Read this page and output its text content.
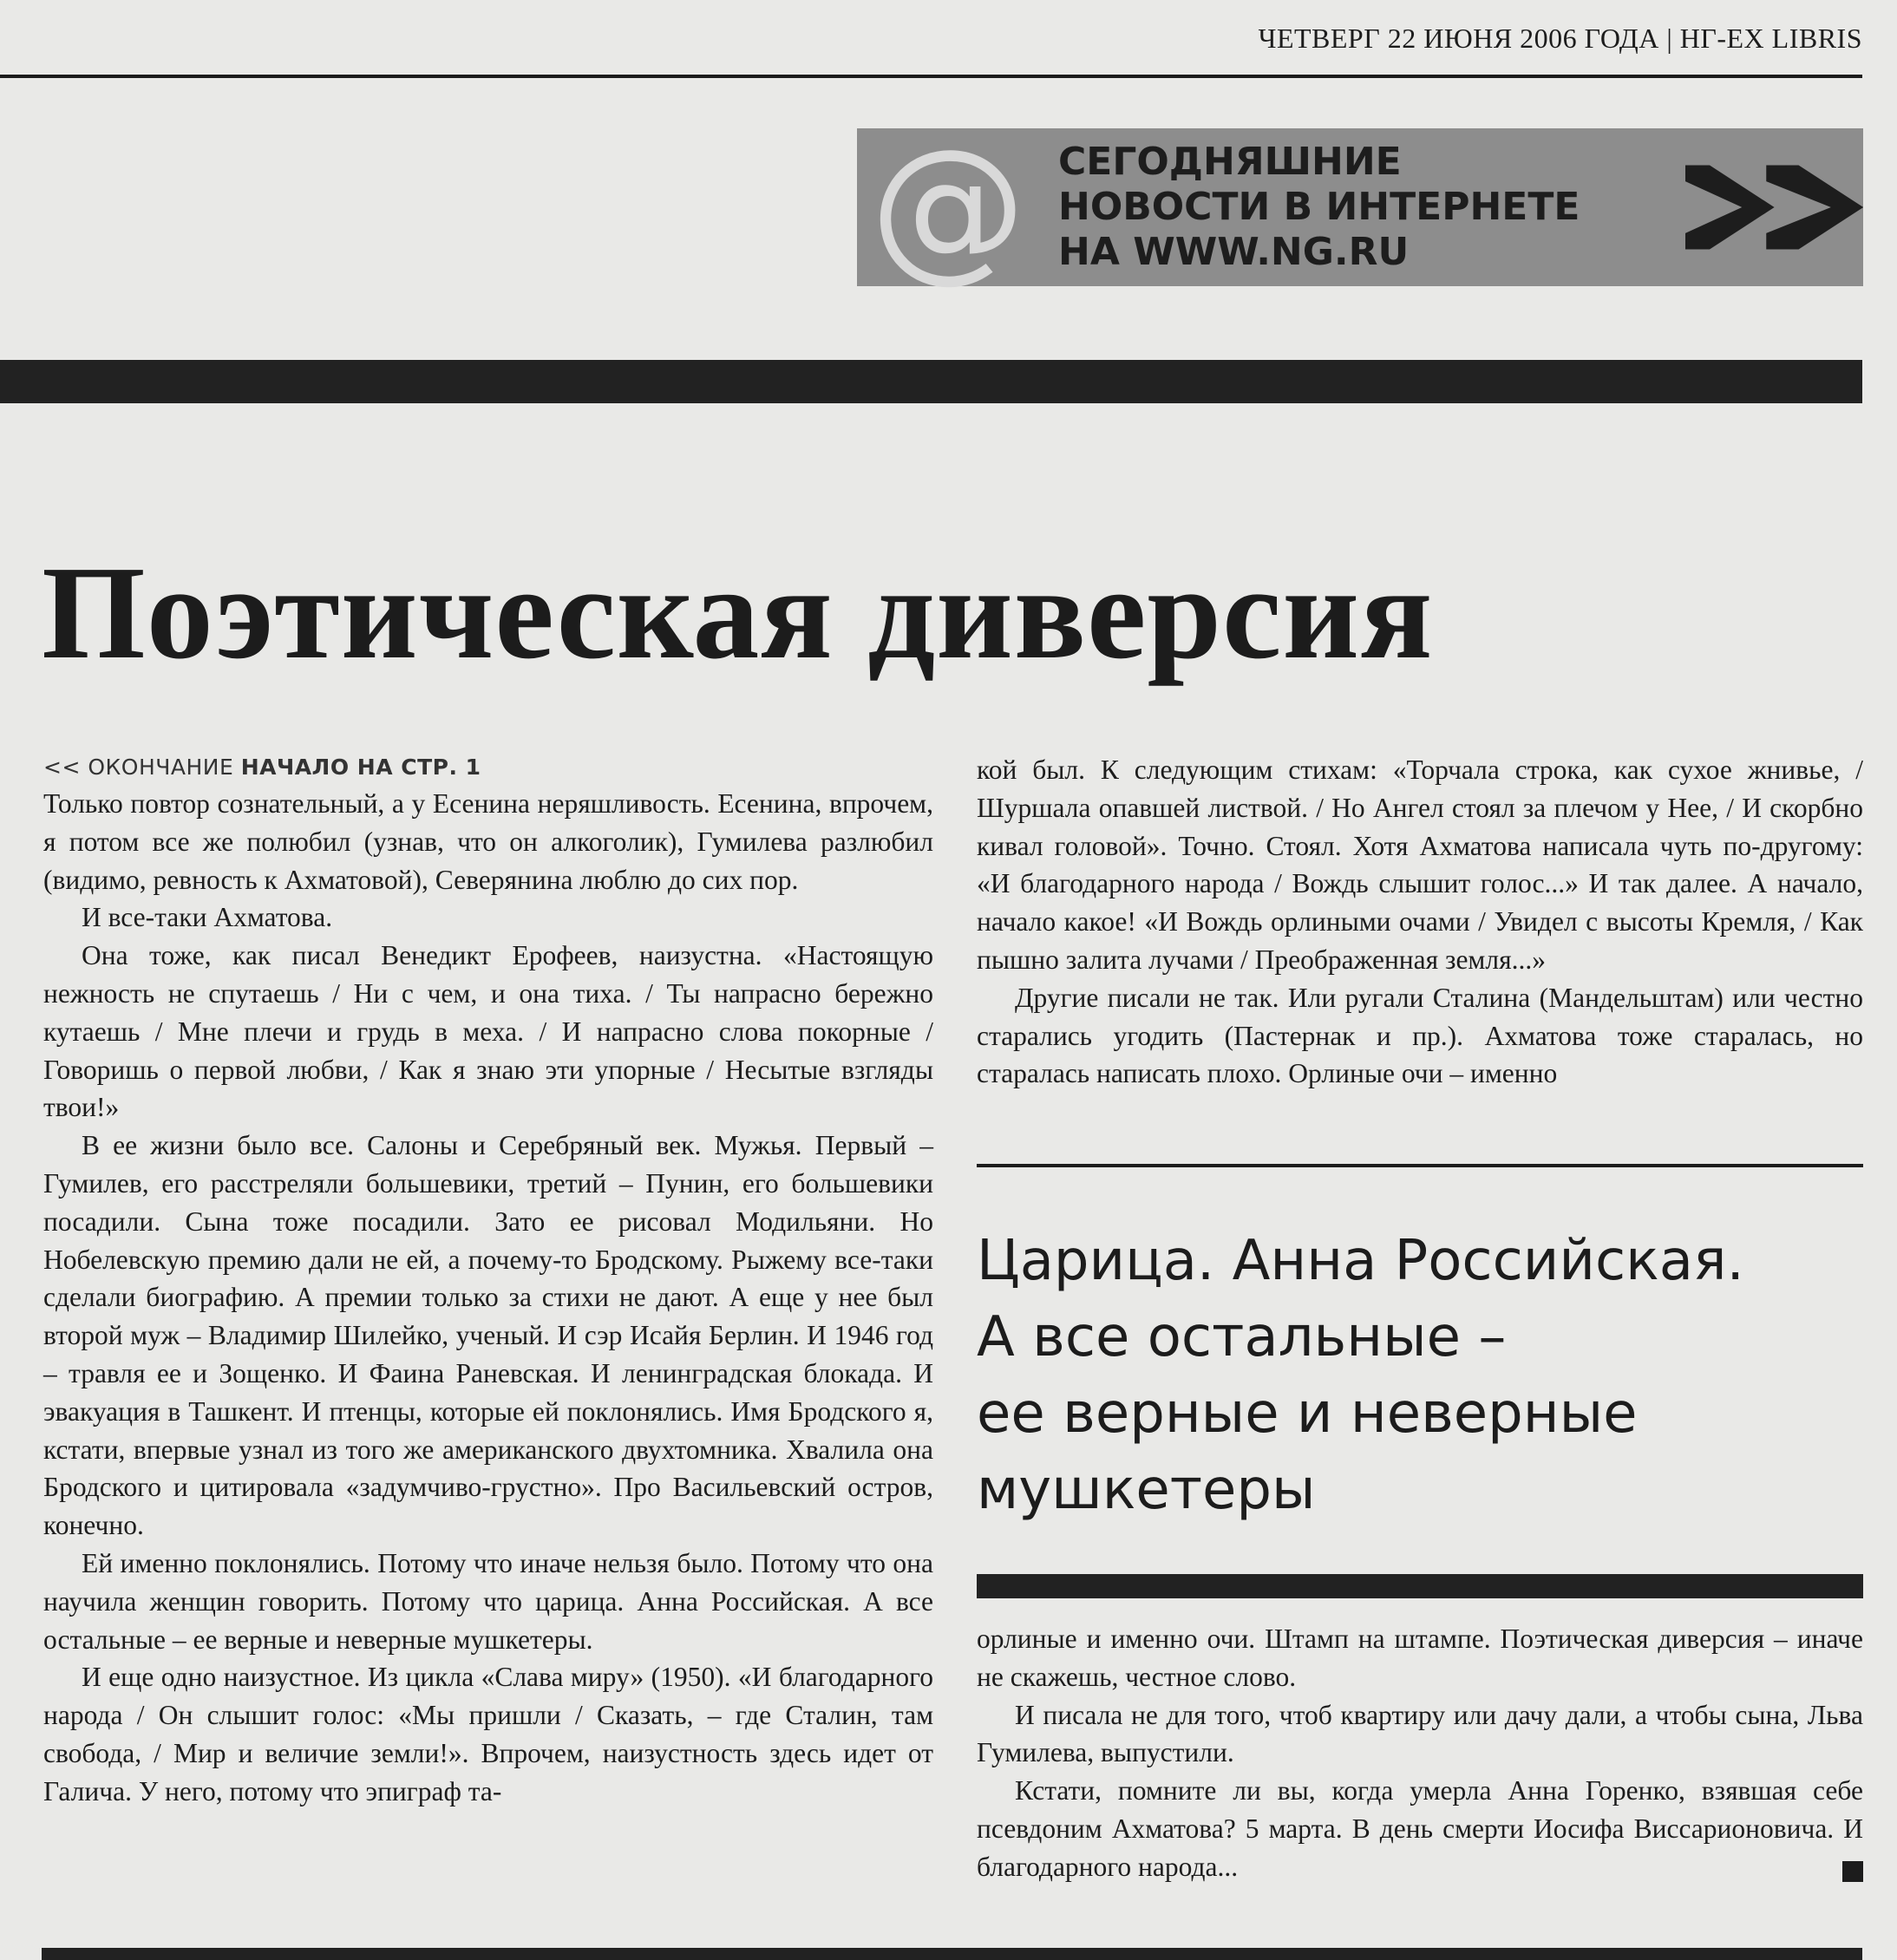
ЧЕТВЕРГ 22 ИЮНЯ 2006 ГОДА | НГ-EX LIBRIS
@ СЕГОДНЯШНИЕ
НОВОСТИ В ИНТЕРНЕТЕ
НА WWW.NG.RU
Поэтическая диверсия
<< ОКОНЧАНИЕ НАЧАЛО НА СТР. 1

Только повтор сознательный, а у Есенина неряшливость. Есенина, впрочем, я потом все же полюбил (узнав, что он алкоголик), Гумилева разлюбил (видимо, ревность к Ахматовой), Северянина люблю до сих пор.

И все-таки Ахматова.

Она тоже, как писал Венедикт Ерофеев, наизустна. «Настоящую нежность не спутаешь / Ни с чем, и она тиха. / Ты напрасно бережно кутаешь / Мне плечи и грудь в меха. / И напрасно слова покорные / Говоришь о первой любви, / Как я знаю эти упорные / Несытые взгляды твои!»

В ее жизни было все. Салоны и Серебряный век. Мужья. Первый – Гумилев, его расстреляли большевики, третий – Пунин, его большевики посадили. Сына тоже посадили. Зато ее рисовал Модильяни. Но Нобелевскую премию дали не ей, а почему-то Бродскому. Рыжему все-таки сделали биографию. А премии только за стихи не дают. А еще у нее был второй муж – Владимир Шилейко, ученый. И сэр Исайя Берлин. И 1946 год – травля ее и Зощенко. И Фаина Раневская. И ленинградская блокада. И эвакуация в Ташкент. И птенцы, которые ей поклонялись. Имя Бродского я, кстати, впервые узнал из того же американского двухтомника. Хвалила она Бродского и цитировала «задумчиво-грустно». Про Васильевский остров, конечно.

Ей именно поклонялись. Потому что иначе нельзя было. Потому что она научила женщин говорить. Потому что царица. Анна Российская. А все остальные – ее верные и неверные мушкетеры.

И еще одно наизустное. Из цикла «Слава миру» (1950). «И благодарного народа / Он слышит голос: «Мы пришли / Сказать, – где Сталин, там свобода, / Мир и величие земли!». Впрочем, наизустность здесь идет от Галича. У него, потому что эпиграф та-

кой был. К следующим стихам: «Торчала строка, как сухое жнивье, / Шуршала опавшей листвой. / Но Ангел стоял за плечом у Нее, / И скорбно кивал головой». Точно. Стоял. Хотя Ахматова написала чуть по-другому: «И благодарного народа / Вождь слышит голос...» И так далее. А начало, начало какое! «И Вождь орлиными очами / Увидел с высоты Кремля, / Как пышно залита лучами / Преображенная земля...»

Другие писали не так. Или ругали Сталина (Мандельштам) или честно старались угодить (Пастернак и пр.). Ахматова тоже старалась, но старалась написать плохо. Орлиные очи – именно

Царица. Анна Российская.
А все остальные –
ее верные и неверные
мушкетеры

орлиные и именно очи. Штамп на штампе. Поэтическая диверсия – иначе не скажешь, честное слово.

И писала не для того, чтоб квартиру или дачу дали, а чтобы сына, Льва Гумилева, выпустили.

Кстати, помните ли вы, когда умерла Анна Горенко, взявшая себе псевдоним Ахматова? 5 марта. В день смерти Иосифа Виссарионовича. И благодарного народа...
